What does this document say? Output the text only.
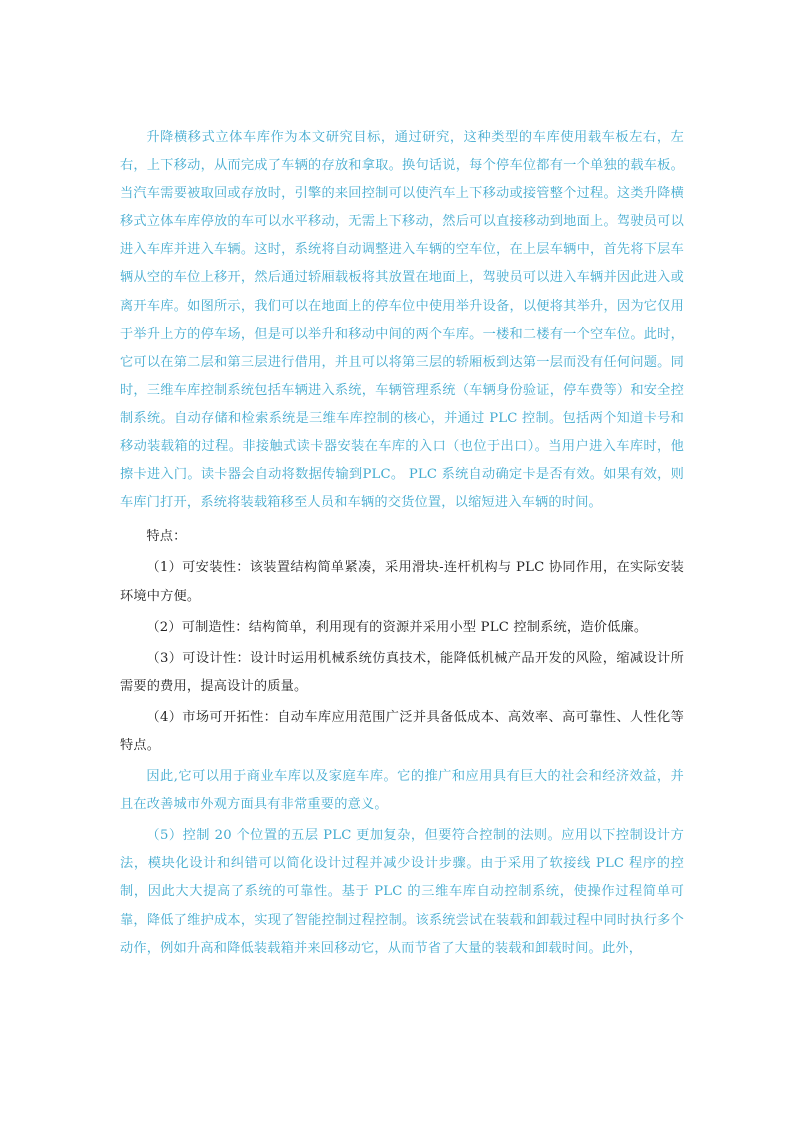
升降横移式立体车库作为本文研究目标，通过研究，这种类型的车库使用载车板左右，左右，上下移动，从而完成了车辆的存放和拿取。换句话说，每个停车位都有一个单独的载车板。当汽车需要被取回或存放时，引擎的来回控制可以使汽车上下移动或接管整个过程。这类升降横移式立体车库停放的车可以水平移动，无需上下移动，然后可以直接移动到地面上。驾驶员可以进入车库并进入车辆。这时，系统将自动调整进入车辆的空车位，在上层车辆中，首先将下层车辆从空的车位上移开，然后通过轿厢载板将其放置在地面上，驾驶员可以进入车辆并因此进入或离开车库。如图所示，我们可以在地面上的停车位中使用举升设备，以便将其举升，因为它仅用于举升上方的停车场，但是可以举升和移动中间的两个车库。一楼和二楼有一个空车位。此时，它可以在第二层和第三层进行借用，并且可以将第三层的轿厢板到达第一层而没有任何问题。同时，三维车库控制系统包括车辆进入系统，车辆管理系统（车辆身份验证，停车费等）和安全控制系统。自动存储和检索系统是三维车库控制的核心，并通过 PLC 控制。包括两个知道卡号和移动装载箱的过程。非接触式读卡器安装在车库的入口（也位于出口）。当用户进入车库时，他擦卡进入门。读卡器会自动将数据传输到PLC。 PLC 系统自动确定卡是否有效。如果有效，则车库门打开，系统将装载箱移至人员和车辆的交货位置，以缩短进入车辆的时间。

特点：

（1）可安装性：该装置结构简单紧凑，采用滑块-连杆机构与 PLC 协同作用，在实际安装环境中方便。

（2）可制造性：结构简单，利用现有的资源并采用小型 PLC 控制系统，造价低廉。

（3）可设计性：设计时运用机械系统仿真技术，能降低机械产品开发的风险，缩减设计所需要的费用，提高设计的质量。

（4）市场可开拓性：自动车库应用范围广泛并具备低成本、高效率、高可靠性、人性化等特点。

因此,它可以用于商业车库以及家庭车库。它的推广和应用具有巨大的社会和经济效益，并且在改善城市外观方面具有非常重要的意义。

（5）控制 20 个位置的五层 PLC 更加复杂，但要符合控制的法则。应用以下控制设计方法，模块化设计和纠错可以简化设计过程并减少设计步骤。由于采用了软接线 PLC 程序的控制，因此大大提高了系统的可靠性。基于 PLC 的三维车库自动控制系统，使操作过程简单可靠，降低了维护成本，实现了智能控制过程控制。该系统尝试在装载和卸载过程中同时执行多个动作，例如升高和降低装载箱并来回移动它，从而节省了大量的装载和卸载时间。此外，
